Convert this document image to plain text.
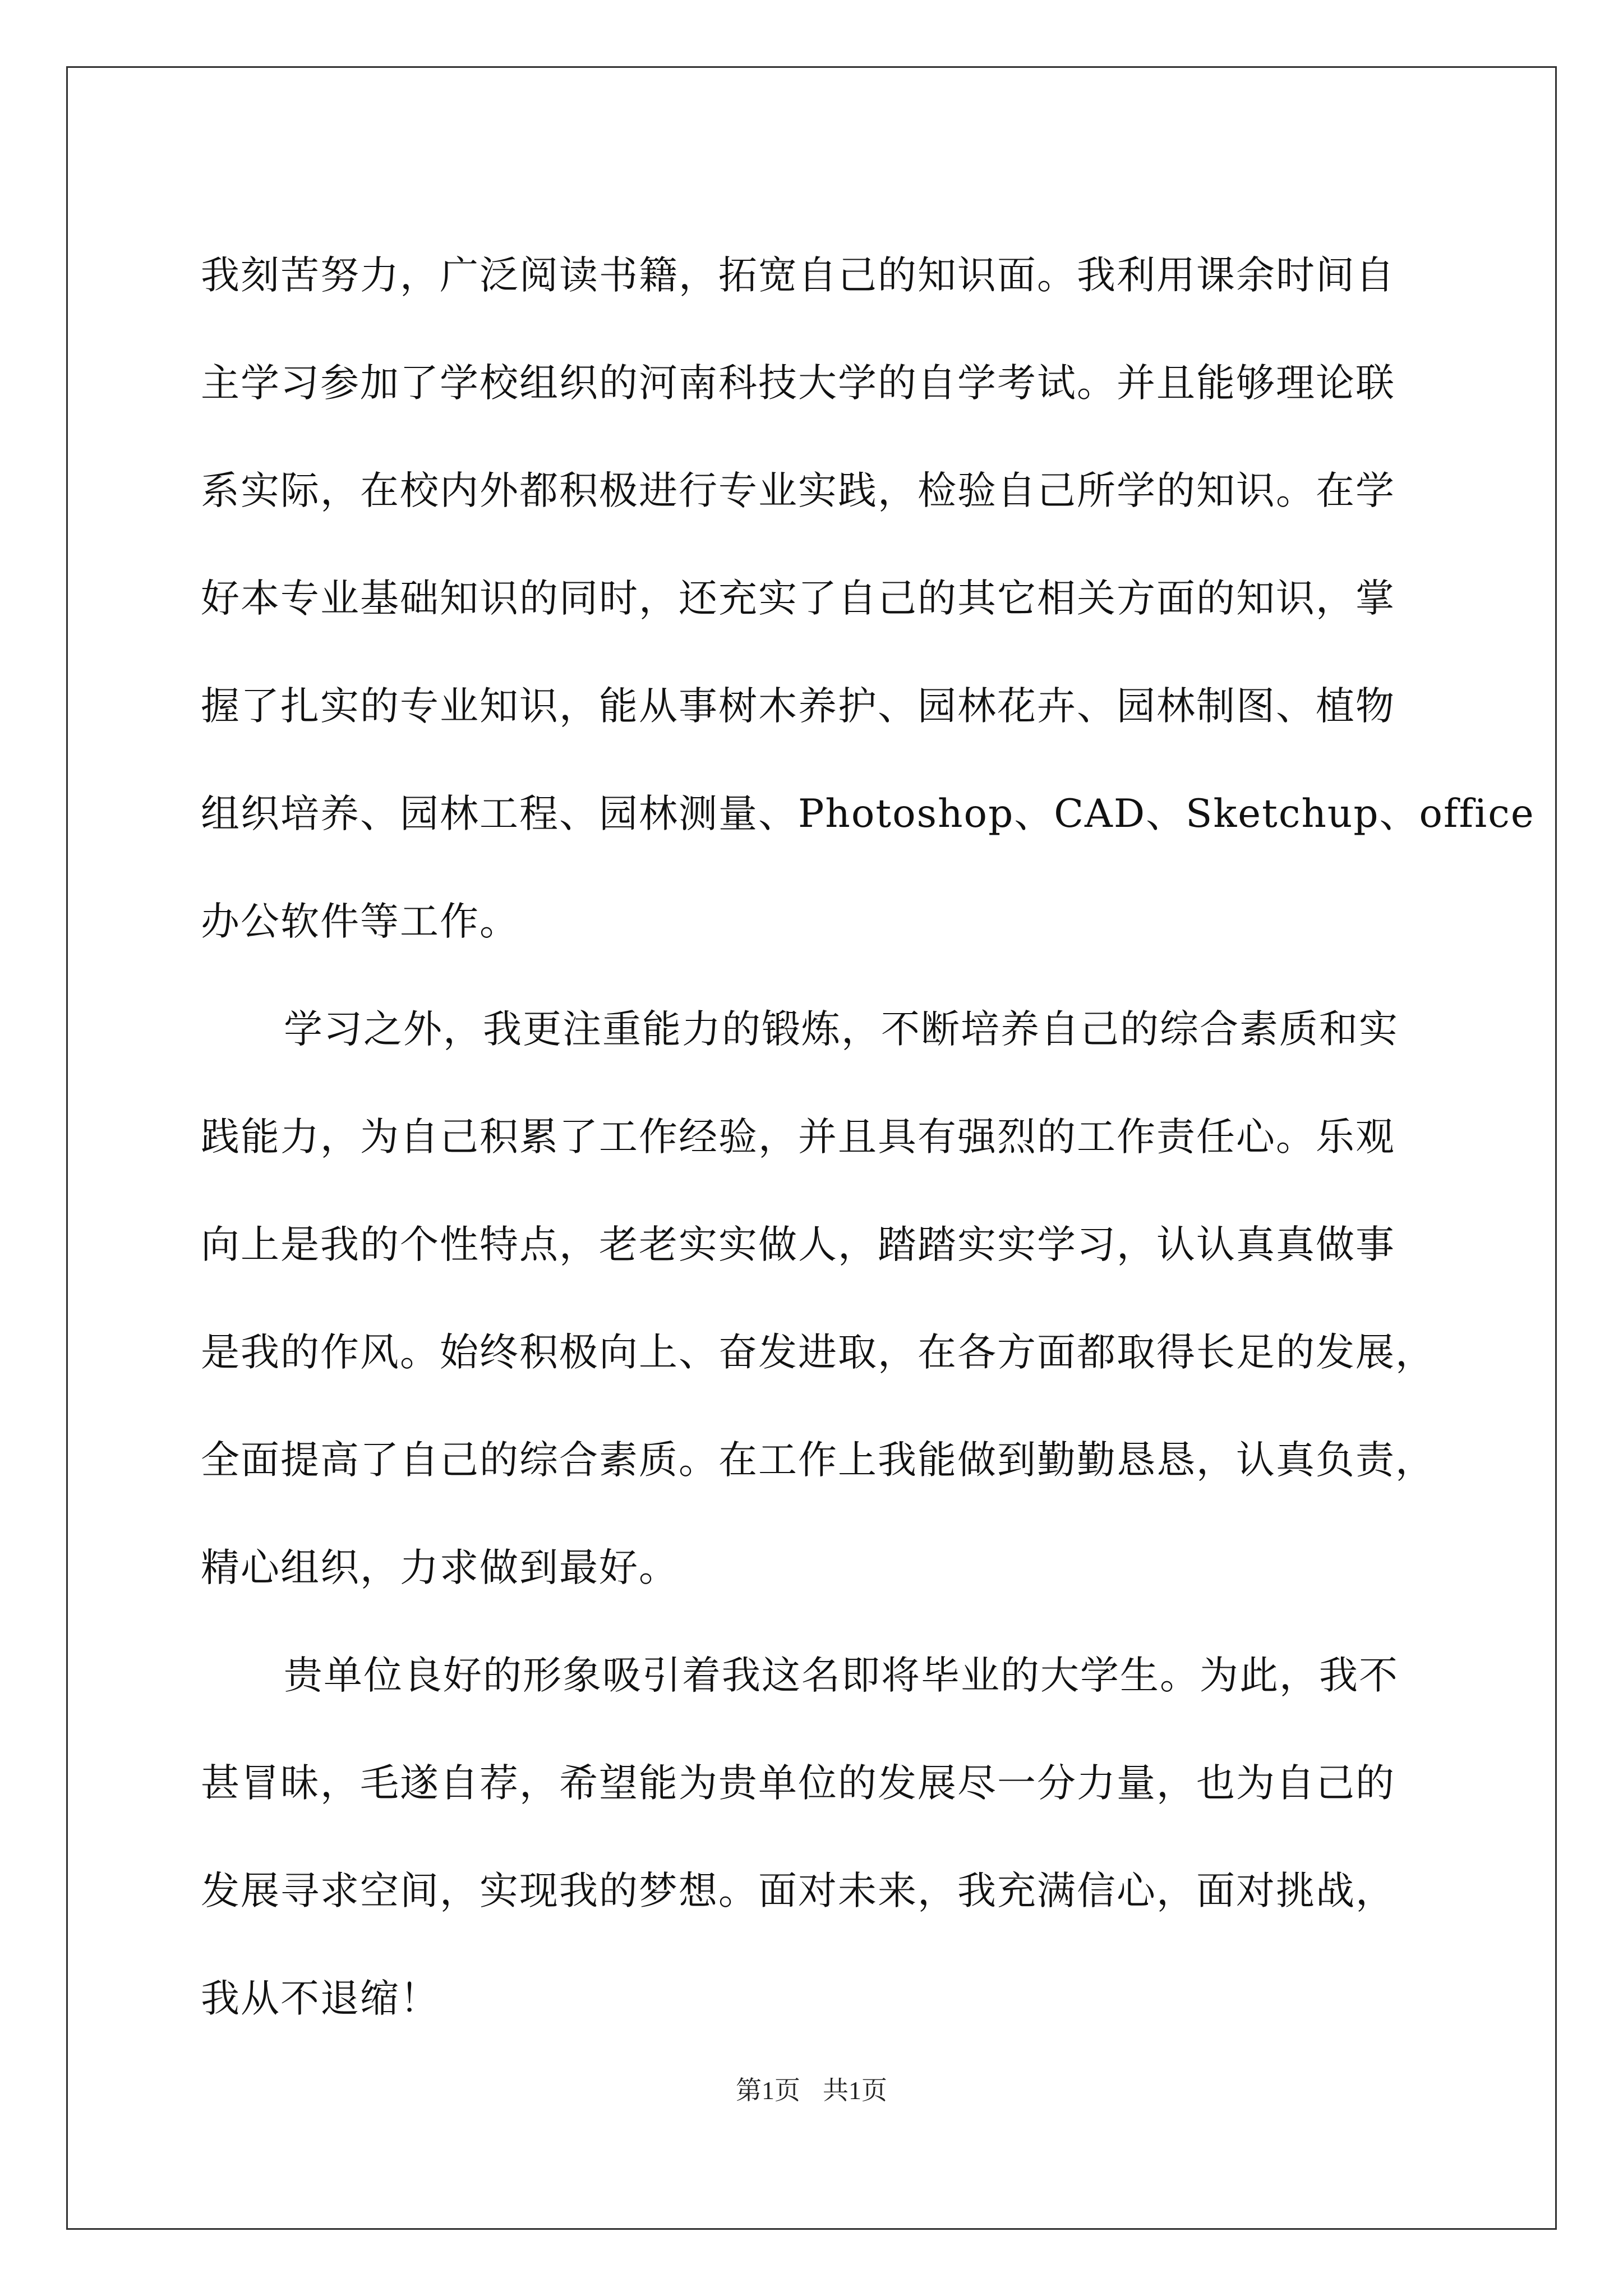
我刻苦努力，广泛阅读书籍，拓宽自己的知识面。我利用课余时间自
主学习参加了学校组织的河南科技大学的自学考试。并且能够理论联
系实际，在校内外都积极进行专业实践，检验自己所学的知识。在学
好本专业基础知识的同时，还充实了自己的其它相关方面的知识，掌
握了扎实的专业知识，能从事树木养护、园林花卉、园林制图、植物
组织培养、园林工程、园林测量、Photoshop、CAD、Sketchup、office
办公软件等工作。
学习之外，我更注重能力的锻炼，不断培养自己的综合素质和实
践能力，为自己积累了工作经验，并且具有强烈的工作责任心。乐观
向上是我的个性特点，老老实实做人，踏踏实实学习，认认真真做事
是我的作风。始终积极向上、奋发进取，在各方面都取得长足的发展，
全面提高了自己的综合素质。在工作上我能做到勤勤恳恳，认真负责，
精心组织，力求做到最好。
贵单位良好的形象吸引着我这名即将毕业的大学生。为此，我不
甚冒昧，毛遂自荐，希望能为贵单位的发展尽一分力量，也为自己的
发展寻求空间，实现我的梦想。面对未来，我充满信心，面对挑战，
我从不退缩！
第1页 共1页
